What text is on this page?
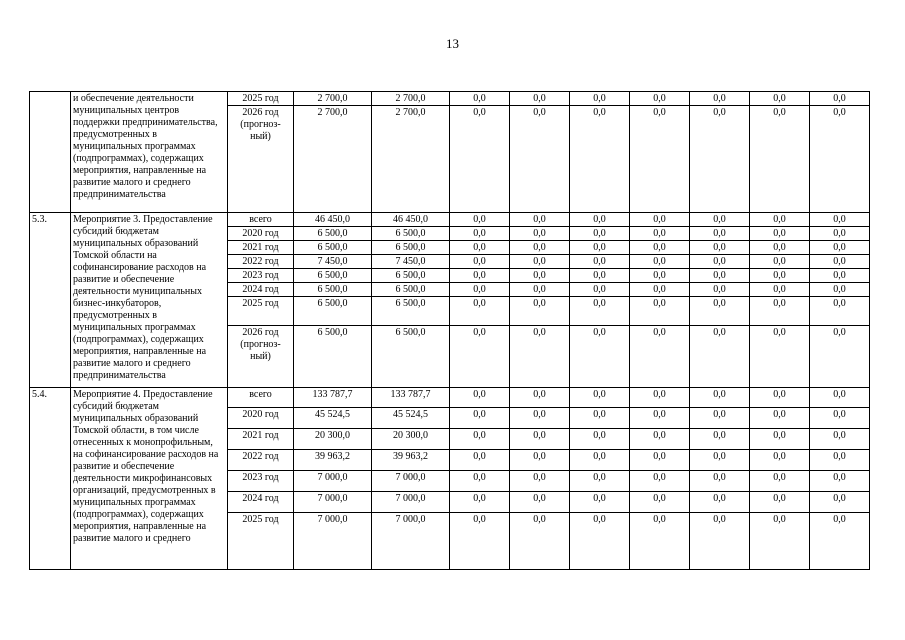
13
	и обеспечение деятельности муниципальных центров поддержки предпринимательства, предусмотренных в муниципальных программах (подпрограммах), содержащих мероприятия, направленные на развитие малого и среднего предпринимательства	2025 год	2 700,0	2 700,0	0,0	0,0	0,0	0,0	0,0	0,0	0,0
		2026 год (прогноз-ный)	2 700,0	2 700,0	0,0	0,0	0,0	0,0	0,0	0,0	0,0
5.3.	Мероприятие 3. Предоставление субсидий бюджетам муниципальных образований Томской области на софинансирование расходов на развитие и обеспечение деятельности муниципальных бизнес-инкубаторов, предусмотренных в муниципальных программах (подпрограммах), содержащих мероприятия, направленные на развитие малого и среднего предпринимательства	всего	46 450,0	46 450,0	0,0	0,0	0,0	0,0	0,0	0,0	0,0
		2020 год	6 500,0	6 500,0	0,0	0,0	0,0	0,0	0,0	0,0	0,0
		2021 год	6 500,0	6 500,0	0,0	0,0	0,0	0,0	0,0	0,0	0,0
		2022 год	7 450,0	7 450,0	0,0	0,0	0,0	0,0	0,0	0,0	0,0
		2023 год	6 500,0	6 500,0	0,0	0,0	0,0	0,0	0,0	0,0	0,0
		2024 год	6 500,0	6 500,0	0,0	0,0	0,0	0,0	0,0	0,0	0,0
		2025 год	6 500,0	6 500,0	0,0	0,0	0,0	0,0	0,0	0,0	0,0
		2026 год (прогноз-ный)	6 500,0	6 500,0	0,0	0,0	0,0	0,0	0,0	0,0	0,0
5.4.	Мероприятие 4. Предоставление субсидий бюджетам муниципальных образований Томской области, в том числе отнесенных к монопрофильным, на софинансирование расходов на развитие и обеспечение деятельности микрофинансовых организаций, предусмотренных в муниципальных программах (подпрограммах), содержащих мероприятия, направленные на развитие малого и среднего	всего	133 787,7	133 787,7	0,0	0,0	0,0	0,0	0,0	0,0	0,0
		2020 год	45 524,5	45 524,5	0,0	0,0	0,0	0,0	0,0	0,0	0,0
		2021 год	20 300,0	20 300,0	0,0	0,0	0,0	0,0	0,0	0,0	0,0
		2022 год	39 963,2	39 963,2	0,0	0,0	0,0	0,0	0,0	0,0	0,0
		2023 год	7 000,0	7 000,0	0,0	0,0	0,0	0,0	0,0	0,0	0,0
		2024 год	7 000,0	7 000,0	0,0	0,0	0,0	0,0	0,0	0,0	0,0
		2025 год	7 000,0	7 000,0	0,0	0,0	0,0	0,0	0,0	0,0	0,0
